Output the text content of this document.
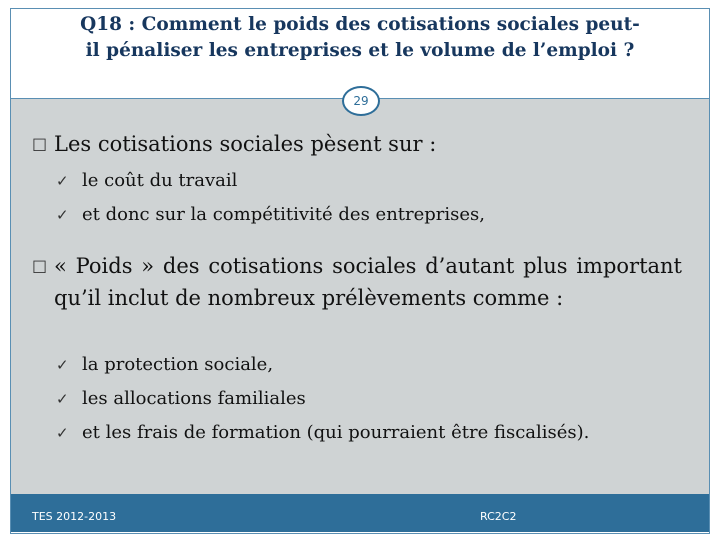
Q18 : Comment le poids des cotisations sociales peut-
il pénaliser les entreprises et le volume de l’emploi ?
29
□ Les cotisations sociales pèsent sur :
✓ le coût du travail
✓ et donc sur la compétitivité des entreprises,
□ « Poids » des cotisations sociales d’autant plus important qu’il inclut de nombreux prélèvements comme :
✓ la protection sociale,
✓ les allocations familiales
✓ et les frais de formation (qui pourraient être fiscalisés).
TES 2012-2013	RC2C2
